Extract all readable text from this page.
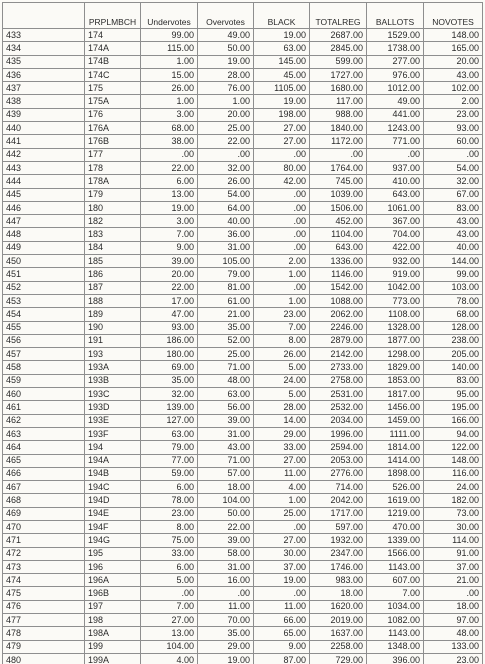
	PRPLMBCH	Undervotes	Overvotes	BLACK	TOTALREG	BALLOTS	NOVOTES
433	174	99.00	49.00	19.00	2687.00	1529.00	148.00
434	174A	115.00	50.00	63.00	2845.00	1738.00	165.00
435	174B	1.00	19.00	145.00	599.00	277.00	20.00
436	174C	15.00	28.00	45.00	1727.00	976.00	43.00
437	175	26.00	76.00	1105.00	1680.00	1012.00	102.00
438	175A	1.00	1.00	19.00	117.00	49.00	2.00
439	176	3.00	20.00	198.00	988.00	441.00	23.00
440	176A	68.00	25.00	27.00	1840.00	1243.00	93.00
441	176B	38.00	22.00	27.00	1172.00	771.00	60.00
442	177	.00	.00	.00	.00	.00	.00
443	178	22.00	32.00	80.00	1764.00	937.00	54.00
444	178A	6.00	26.00	42.00	745.00	410.00	32.00
445	179	13.00	54.00	.00	1039.00	643.00	67.00
446	180	19.00	64.00	.00	1506.00	1061.00	83.00
447	182	3.00	40.00	.00	452.00	367.00	43.00
448	183	7.00	36.00	.00	1104.00	704.00	43.00
449	184	9.00	31.00	.00	643.00	422.00	40.00
450	185	39.00	105.00	2.00	1336.00	932.00	144.00
451	186	20.00	79.00	1.00	1146.00	919.00	99.00
452	187	22.00	81.00	.00	1542.00	1042.00	103.00
453	188	17.00	61.00	1.00	1088.00	773.00	78.00
454	189	47.00	21.00	23.00	2062.00	1108.00	68.00
455	190	93.00	35.00	7.00	2246.00	1328.00	128.00
456	191	186.00	52.00	8.00	2879.00	1877.00	238.00
457	193	180.00	25.00	26.00	2142.00	1298.00	205.00
458	193A	69.00	71.00	5.00	2733.00	1829.00	140.00
459	193B	35.00	48.00	24.00	2758.00	1853.00	83.00
460	193C	32.00	63.00	5.00	2531.00	1817.00	95.00
461	193D	139.00	56.00	28.00	2532.00	1456.00	195.00
462	193E	127.00	39.00	14.00	2034.00	1459.00	166.00
463	193F	63.00	31.00	29.00	1996.00	1111.00	94.00
464	194	79.00	43.00	33.00	2594.00	1814.00	122.00
465	194A	77.00	71.00	27.00	2053.00	1414.00	148.00
466	194B	59.00	57.00	11.00	2776.00	1898.00	116.00
467	194C	6.00	18.00	4.00	714.00	526.00	24.00
468	194D	78.00	104.00	1.00	2042.00	1619.00	182.00
469	194E	23.00	50.00	25.00	1717.00	1219.00	73.00
470	194F	8.00	22.00	.00	597.00	470.00	30.00
471	194G	75.00	39.00	27.00	1932.00	1339.00	114.00
472	195	33.00	58.00	30.00	2347.00	1566.00	91.00
473	196	6.00	31.00	37.00	1746.00	1143.00	37.00
474	196A	5.00	16.00	19.00	983.00	607.00	21.00
475	196B	.00	.00	.00	18.00	7.00	.00
476	197	7.00	11.00	11.00	1620.00	1034.00	18.00
477	198	27.00	70.00	66.00	2019.00	1082.00	97.00
478	198A	13.00	35.00	65.00	1637.00	1143.00	48.00
479	199	104.00	29.00	9.00	2258.00	1348.00	133.00
480	199A	4.00	19.00	87.00	729.00	396.00	23.00
